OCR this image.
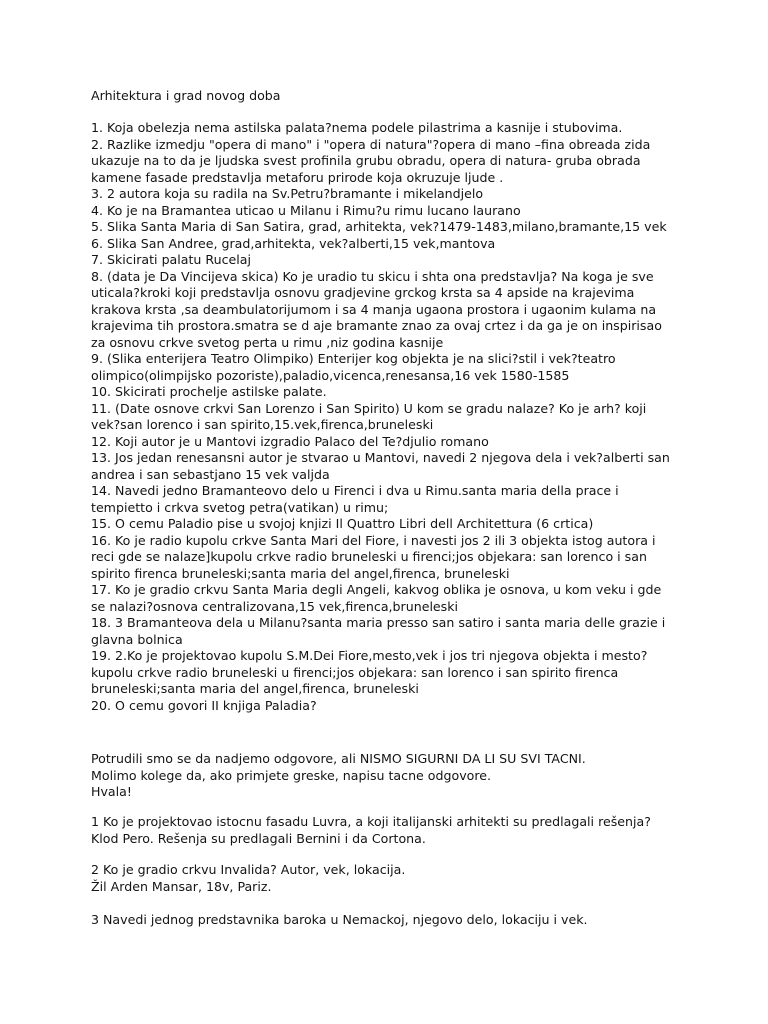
Arhitektura i grad novog doba
1. Koja obelezja nema astilska palata?nema podele pilastrima a kasnije i stubovima.
2. Razlike izmedju "opera di mano" i "opera di natura"?opera di mano –fina obreada zida
ukazuje na to da je ljudska svest profinila grubu obradu, opera di natura- gruba obrada
kamene fasade predstavlja metaforu prirode koja okruzuje ljude .
3. 2 autora koja su radila na Sv.Petru?bramante i mikelandjelo
4. Ko je na Bramantea uticao u Milanu i Rimu?u rimu lucano laurano
5. Slika Santa Maria di San Satira, grad, arhitekta, vek?1479-1483,milano,bramante,15 vek
6. Slika San Andree, grad,arhitekta, vek?alberti,15 vek,mantova
7. Skicirati palatu Rucelaj
8. (data je Da Vincijeva skica) Ko je uradio tu skicu i shta ona predstavlja? Na koga je sve
uticala?kroki koji predstavlja osnovu gradjevine grckog krsta sa 4 apside na krajevima
krakova krsta ,sa deambulatorijumom i sa 4 manja ugaona prostora i ugaonim kulama na
krajevima tih prostora.smatra se d aje bramante znao za ovaj crtez i da ga je on inspirisao
za osnovu crkve svetog perta u rimu ,niz godina kasnije
9. (Slika enterijera Teatro Olimpiko) Enterijer kog objekta je na slici?stil i vek?teatro
olimpico(olimpijsko pozoriste),paladio,vicenca,renesansa,16 vek 1580-1585
10. Skicirati prochelje astilske palate.
11. (Date osnove crkvi San Lorenzo i San Spirito) U kom se gradu nalaze? Ko je arh? koji
vek?san lorenco i san spirito,15.vek,firenca,bruneleski
12. Koji autor je u Mantovi izgradio Palaco del Te?djulio romano
13. Jos jedan renesansni autor je stvarao u Mantovi, navedi 2 njegova dela i vek?alberti san
andrea i san sebastjano 15 vek valjda
14. Navedi jedno Bramanteovo delo u Firenci i dva u Rimu.santa maria della prace i
tempietto i crkva svetog petra(vatikan) u rimu;
15. O cemu Paladio pise u svojoj knjizi Il Quattro Libri dell Architettura (6 crtica)
16. Ko je radio kupolu crkve Santa Mari del Fiore, i navesti jos 2 ili 3 objekta istog autora i
reci gde se nalaze]kupolu crkve radio bruneleski u firenci;jos objekara: san lorenco i san
spirito firenca bruneleski;santa maria del angel,firenca, bruneleski
17. Ko je gradio crkvu Santa Maria degli Angeli, kakvog oblika je osnova, u kom veku i gde
se nalazi?osnova centralizovana,15 vek,firenca,bruneleski
18. 3 Bramanteova dela u Milanu?santa maria presso san satiro i santa maria delle grazie i
glavna bolnica
19. 2.Ko je projektovao kupolu S.M.Dei Fiore,mesto,vek i jos tri njegova objekta i mesto?
kupolu crkve radio bruneleski u firenci;jos objekara: san lorenco i san spirito firenca
bruneleski;santa maria del angel,firenca, bruneleski
20. O cemu govori II knjiga Paladia?
Potrudili smo se da nadjemo odgovore, ali NISMO SIGURNI DA LI SU SVI TACNI.
Molimo kolege da, ako primjete greske, napisu tacne odgovore.
Hvala!
1 Ko je projektovao istocnu fasadu Luvra, a koji italijanski arhitekti su predlagali rešenja?
Klod Pero. Rešenja su predlagali Bernini i da Cortona.
2 Ko je gradio crkvu Invalida? Autor, vek, lokacija.
Žil Arden Mansar, 18v, Pariz.
3 Navedi jednog predstavnika baroka u Nemackoj, njegovo delo, lokaciju i vek.
